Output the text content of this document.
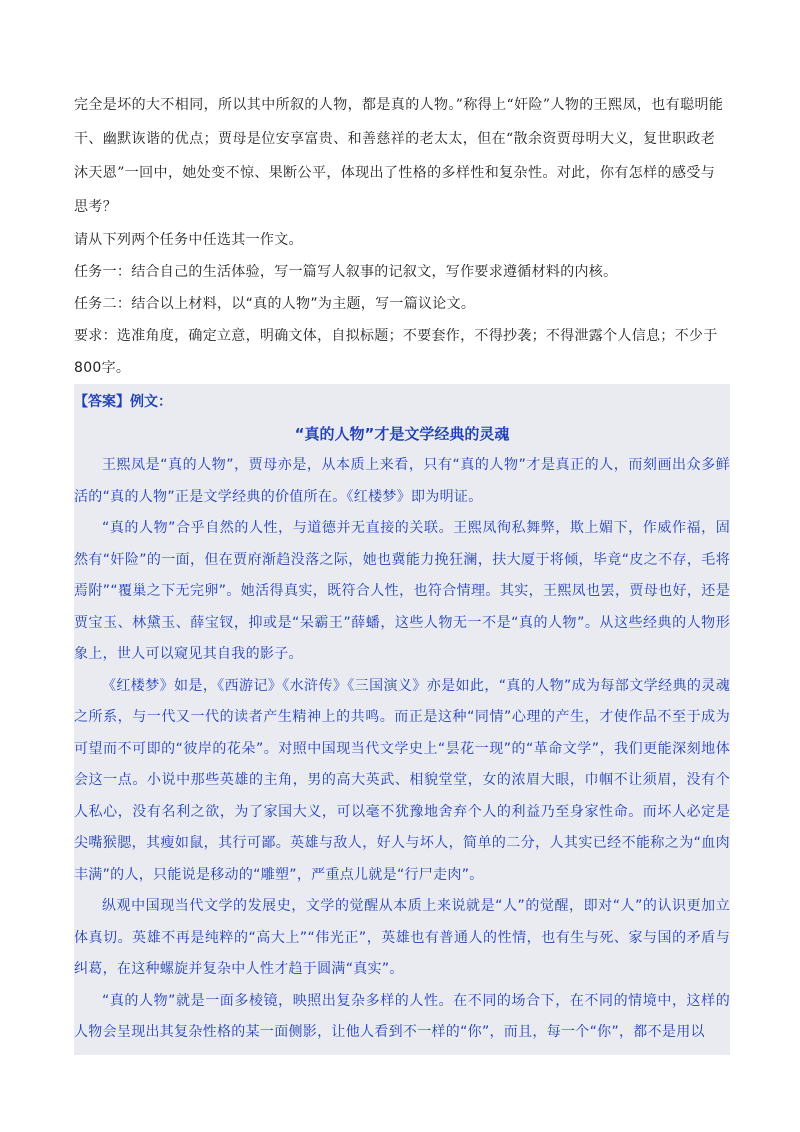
完全是坏的大不相同，所以其中所叙的人物，都是真的人物。”称得上“奸险”人物的王熙凤，也有聪明能干、幽默诙谐的优点；贾母是位安享富贵、和善慈祥的老太太，但在“散余资贾母明大义，复世职政老沐天恩”一回中，她处变不惊、果断公平，体现出了性格的多样性和复杂性。对此，你有怎样的感受与思考？

请从下列两个任务中任选其一作文。

任务一：结合自己的生活体验，写一篇写人叙事的记叙文，写作要求遵循材料的内核。

任务二：结合以上材料，以“真的人物”为主题，写一篇议论文。

要求：选准角度，确定立意，明确文体，自拟标题；不要套作，不得抄袭；不得泄露个人信息；不少于800字。

【答案】例文：

“真的人物”才是文学经典的灵魂

王熙凤是“真的人物”，贾母亦是，从本质上来看，只有“真的人物”才是真正的人，而刻画出众多鲜活的“真的人物”正是文学经典的价值所在。《红楼梦》即为明证。

“真的人物”合乎自然的人性，与道德并无直接的关联。王熙凤徇私舞弊，欺上媚下，作威作福，固然有“奸险”的一面，但在贾府渐趋没落之际，她也冀能力挽狂澜，扶大厦于将倾，毕竟“皮之不存，毛将焉附”“覆巢之下无完卵”。她活得真实，既符合人性，也符合情理。其实，王熙凤也罢，贾母也好，还是贾宝玉、林黛玉、薛宝钗，抑或是“呆霸王”薛蟠，这些人物无一不是“真的人物”。从这些经典的人物形象上，世人可以窥见其自我的影子。

《红楼梦》如是，《西游记》《水浒传》《三国演义》亦是如此，“真的人物”成为每部文学经典的灵魂之所系，与一代又一代的读者产生精神上的共鸣。而正是这种“同情”心理的产生，才使作品不至于成为可望而不可即的“彼岸的花朵”。对照中国现当代文学史上“昙花一现”的“革命文学”，我们更能深刻地体会这一点。小说中那些英雄的主角，男的高大英武、相貌堂堂，女的浓眉大眼，巾帼不让须眉，没有个人私心，没有名利之欲，为了家国大义，可以毫不犹豫地舍弃个人的利益乃至身家性命。而坏人必定是尖嘴猴腮，其瘦如鼠，其行可鄙。英雄与敌人，好人与坏人，简单的二分，人其实已经不能称之为“血肉丰满”的人，只能说是移动的“雕塑”，严重点儿就是“行尸走肉”。

纵观中国现当代文学的发展史，文学的觉醒从本质上来说就是“人”的觉醒，即对“人”的认识更加立体真切。英雄不再是纯粹的“高大上”“伟光正”，英雄也有普通人的性情，也有生与死、家与国的矛盾与纠葛，在这种螺旋并复杂中人性才趋于圆满“真实”。

“真的人物”就是一面多棱镜，映照出复杂多样的人性。在不同的场合下，在不同的情境中，这样的人物会呈现出其复杂性格的某一面侧影，让他人看到不一样的“你”，而且，每一个“你”，都不是用以
